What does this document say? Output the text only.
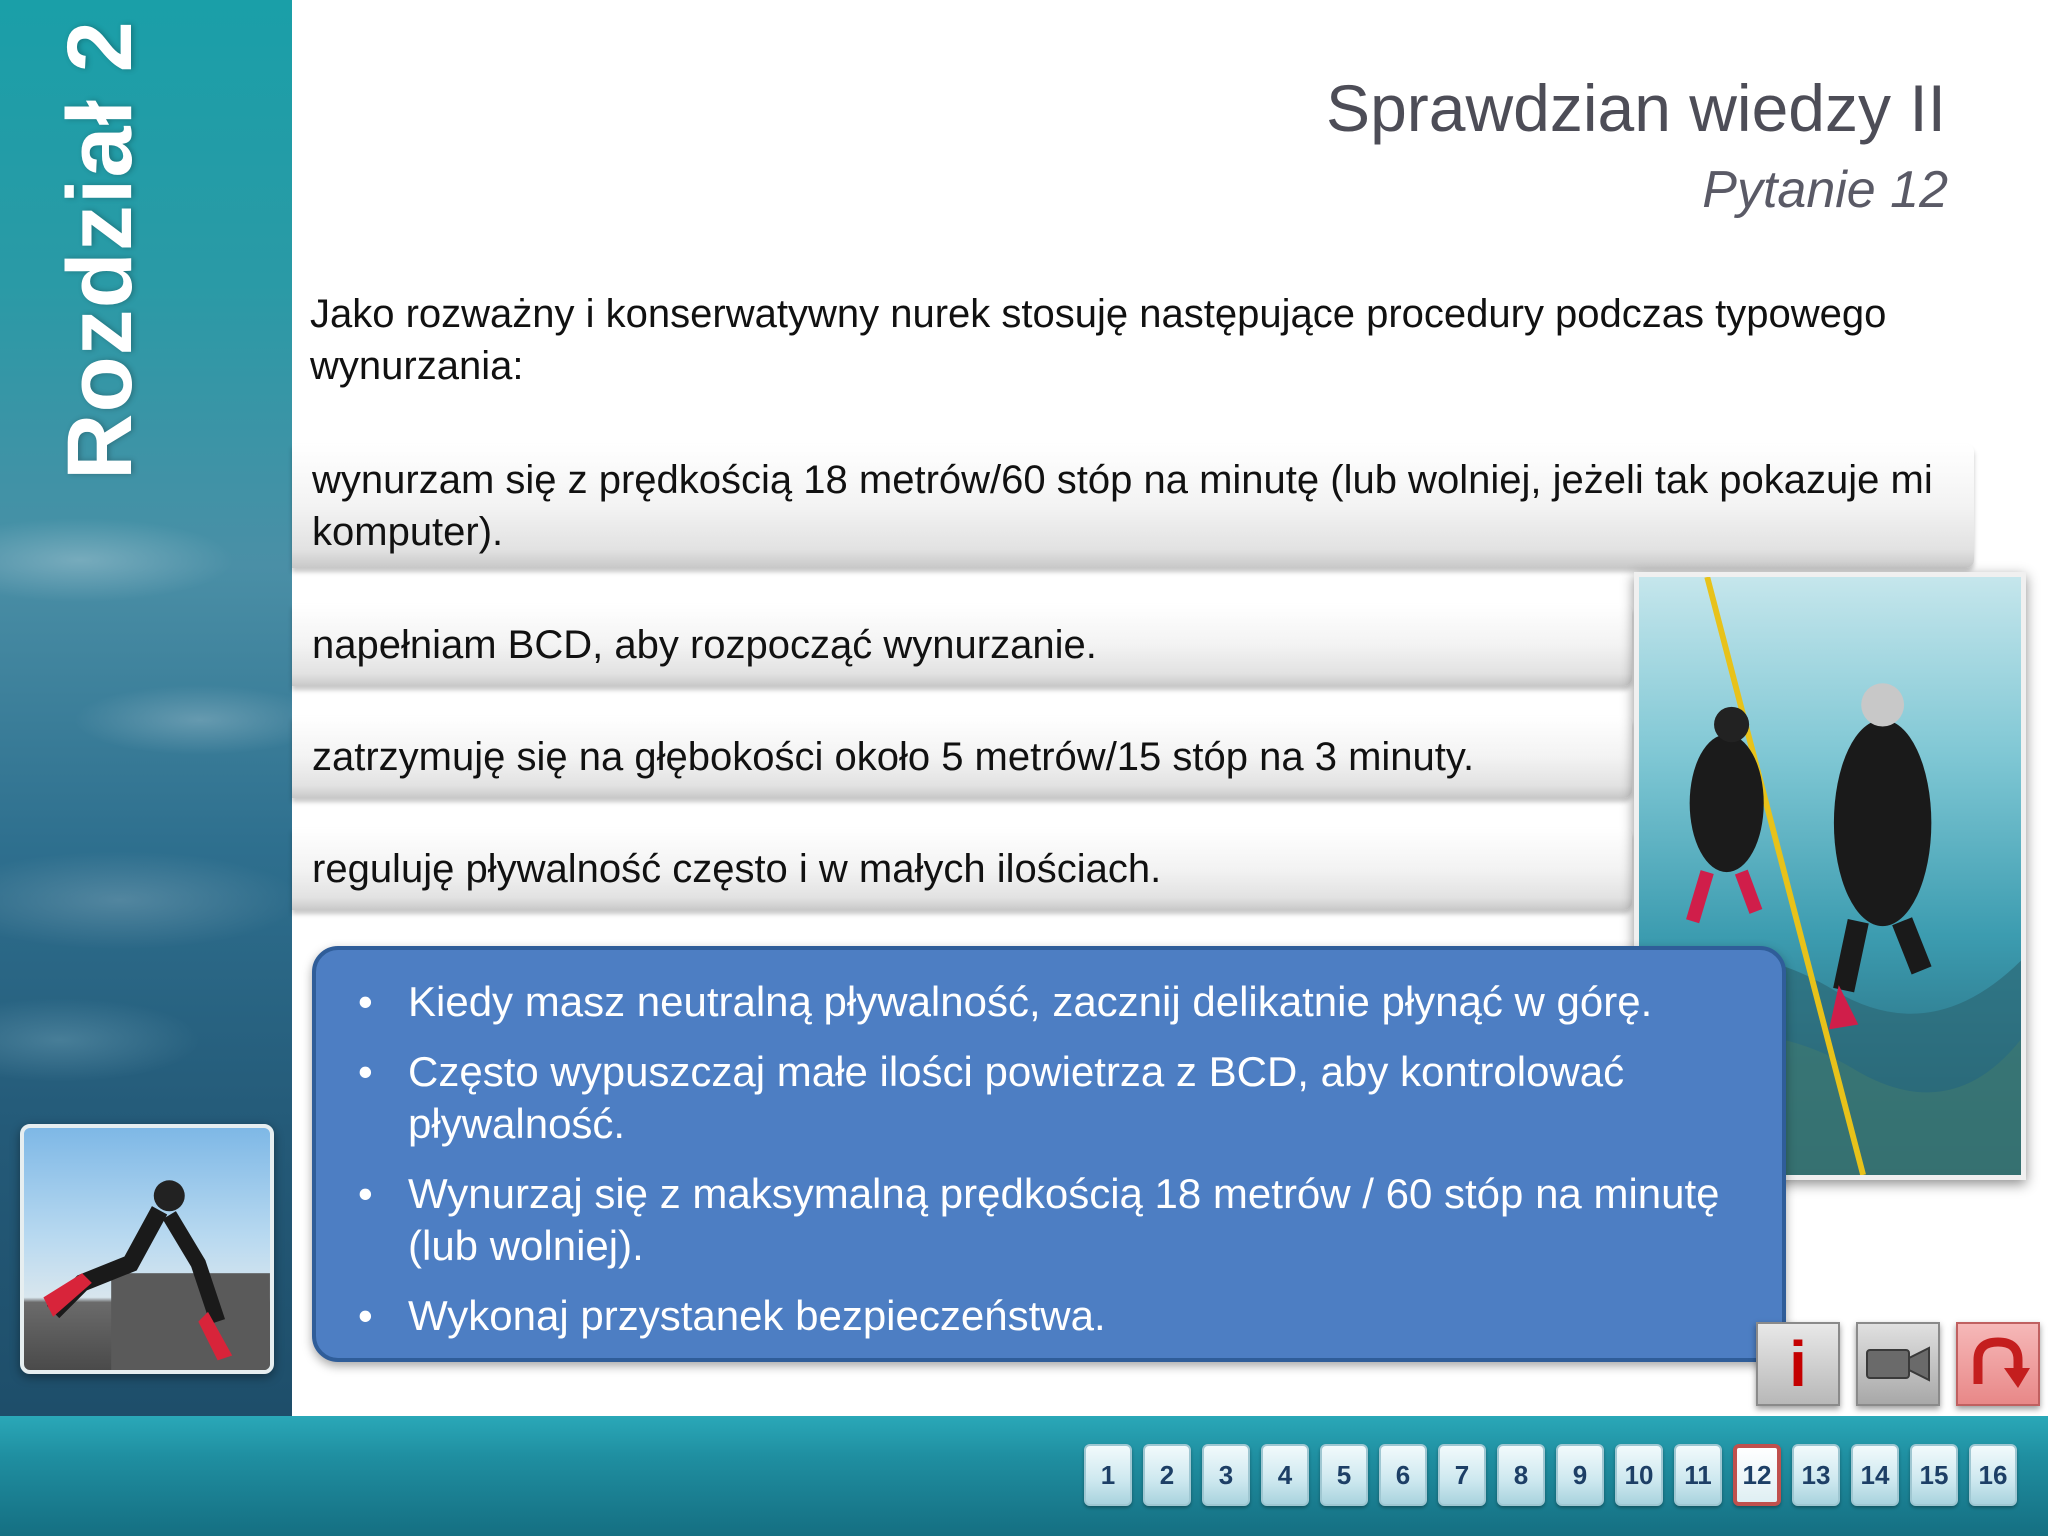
Rozdział 2	Sprawdzian wiedzy II
Pytanie 12
Jako rozważny i konserwatywny nurek stosuję następujące procedury podczas typowego wynurzania:
wynurzam się z prędkością 18 metrów/60 stóp na minutę (lub wolniej, jeżeli tak pokazuje mi komputer).
napełniam BCD, aby rozpocząć wynurzanie.
zatrzymuję się na głębokości około 5 metrów/15 stóp na 3 minuty.
reguluję pływalność często i w małych ilościach.
• Kiedy masz neutralną pływalność, zacznij delikatnie płynąć w górę.
• Często wypuszczaj małe ilości powietrza z BCD, aby kontrolować pływalność.
• Wynurzaj się z maksymalną prędkością 18 metrów / 60 stóp na minutę (lub wolniej).
• Wykonaj przystanek bezpieczeństwa.
i
1	2	3	4	5	6	7	8	9	10	11	12	13	14	15	16
